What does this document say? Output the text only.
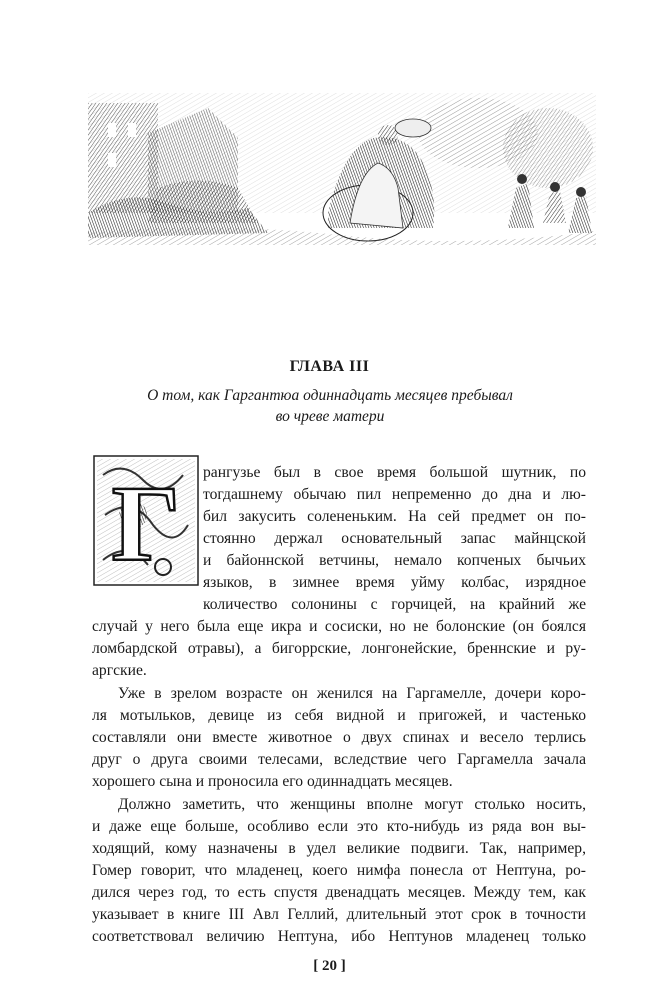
ГЛАВА III
О том, как Гаргантюа одиннадцать месяцев пребывал
во чреве матери
Г рангузье был в свое время большой шутник, по
тогдашнему обычаю пил непременно до дна и лю-
бил закусить солененьким. На сей предмет он по-
стоянно держал основательный запас майнцской
и байоннской ветчины, немало копченых бычьих
языков, в зимнее время уйму колбас, изрядное
количество солонины с горчицей, на крайний же
случай у него была еще икра и сосиски, но не болонские (он боялся
ломбардской отравы), а бигоррские, лонгонейские, бреннские и ру-
аргские.
Уже в зрелом возрасте он женился на Гаргамелле, дочери коро-
ля мотыльков, девице из себя видной и пригожей, и частенько
составляли они вместе животное о двух спинах и весело терлись
друг о друга своими телесами, вследствие чего Гаргамелла зачала
хорошего сына и проносила его одиннадцать месяцев.
Должно заметить, что женщины вполне могут столько носить,
и даже еще больше, особливо если это кто-нибудь из ряда вон вы-
ходящий, кому назначены в удел великие подвиги. Так, например,
Гомер говорит, что младенец, коего нимфа понесла от Нептуна, ро-
дился через год, то есть спустя двенадцать месяцев. Между тем, как
указывает в книге III Авл Геллий, длительный этот срок в точности
соответствовал величию Нептуна, ибо Нептунов младенец только
[ 20 ]
